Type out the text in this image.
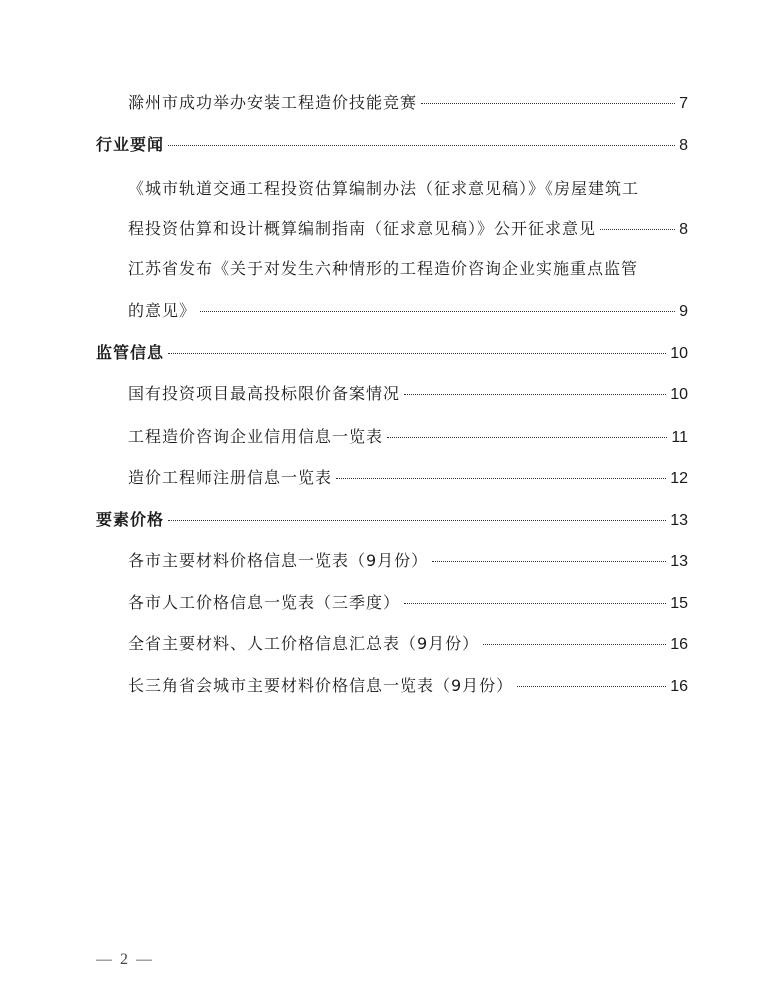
滁州市成功举办安装工程造价技能竞赛	7
行业要闻	8
《城市轨道交通工程投资估算编制办法（征求意见稿）》《房屋建筑工
程投资估算和设计概算编制指南（征求意见稿）》公开征求意见	8
江苏省发布《关于对发生六种情形的工程造价咨询企业实施重点监管
的意见》	9
监管信息	10
国有投资项目最高投标限价备案情况	10
工程造价咨询企业信用信息一览表	11
造价工程师注册信息一览表	12
要素价格	13
各市主要材料价格信息一览表（9月份）	13
各市人工价格信息一览表（三季度）	15
全省主要材料、人工价格信息汇总表（9月份）	16
长三角省会城市主要材料价格信息一览表（9月份）	16
— 2 —
